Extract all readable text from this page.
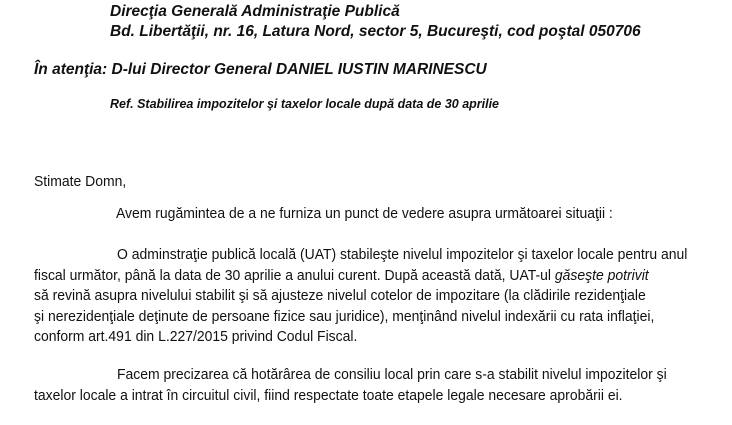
Direcţia Generală Administraţie Publică
Bd. Libertăţii, nr. 16, Latura Nord, sector 5, Bucureşti, cod poştal 050706
În atenţia: D-lui Director General DANIEL IUSTIN MARINESCU
Ref. Stabilirea impozitelor şi taxelor locale după data de 30 aprilie
Stimate Domn,
Avem rugămintea de a ne furniza un punct de vedere asupra următoarei situaţii :
O adminstraţie publică locală (UAT) stabileşte nivelul impozitelor şi taxelor locale pentru anul
fiscal următor, până la data de 30 aprilie a anului curent. După această dată, UAT-ul găseşte potrivit
să revină asupra nivelului stabilit şi să ajusteze nivelul cotelor de impozitare (la clădirile rezidenţiale
şi nerezidenţiale deţinute de persoane fizice sau juridice), menţinând nivelul indexării cu rata inflaţiei,
conform art.491 din L.227/2015 privind Codul Fiscal.
Facem precizarea că hotărârea de consiliu local prin care s-a stabilit nivelul impozitelor şi
taxelor locale a intrat în circuitul civil, fiind respectate toate etapele legale necesare aprobării ei.
